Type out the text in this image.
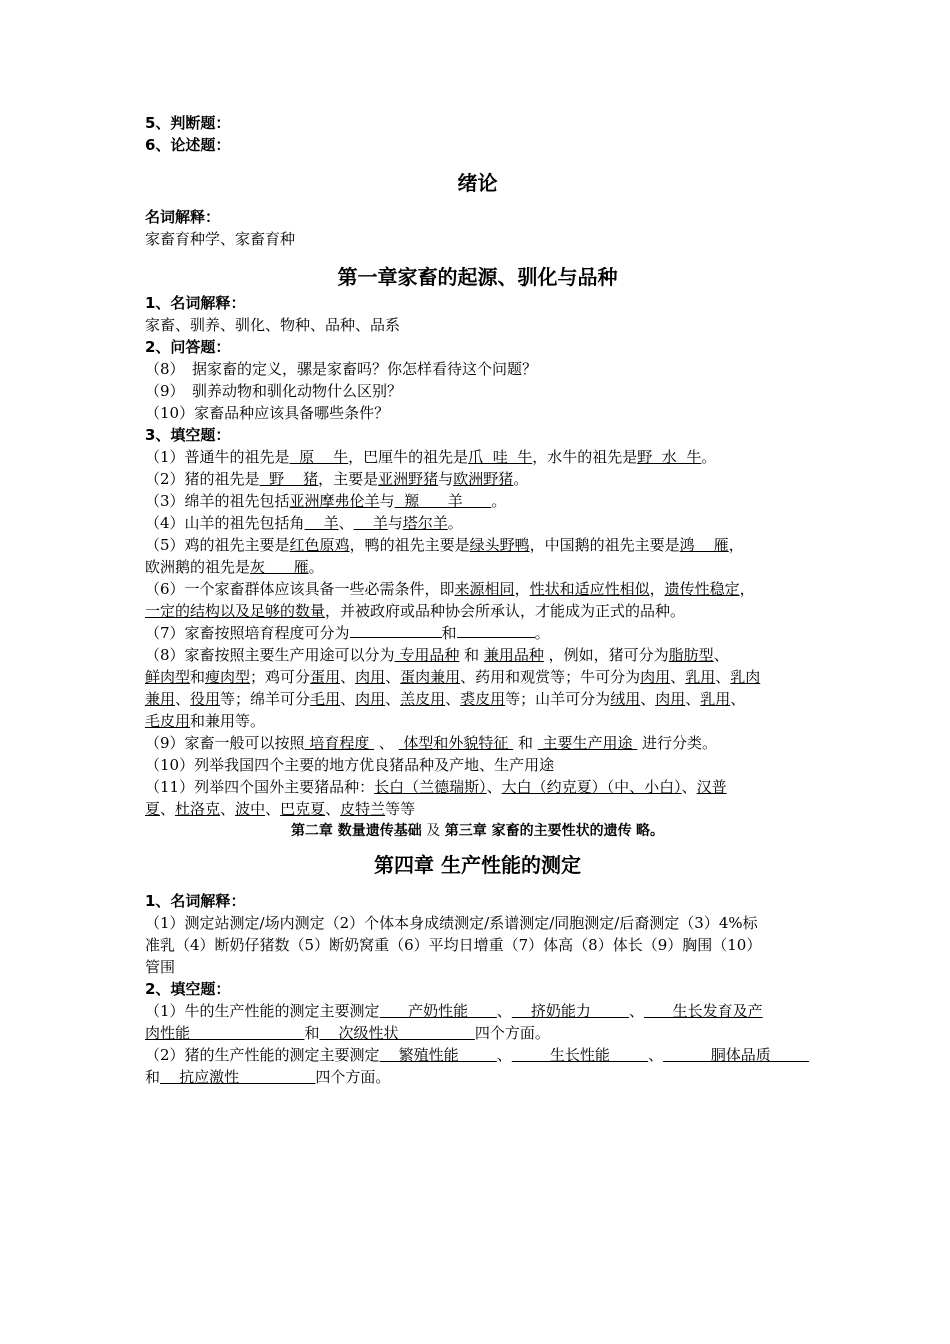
5、判断题：
6、论述题：
绪论
名词解释：
家畜育种学、家畜育种
第一章家畜的起源、驯化与品种
1、名词解释：
家畜、驯养、驯化、物种、品种、品系
2、问答题：
（8）　据家畜的定义，骡是家畜吗？你怎样看待这个问题？
（9）　驯养动物和驯化动物什么区别？
（10）家畜品种应该具备哪些条件？
3、填空题：
（1）普通牛的祖先是  原    牛，巴厘牛的祖先是爪  哇  牛，水牛的祖先是野  水  牛。
（2）猪的祖先是  野    猪，主要是亚洲野猪与欧洲野猪。
（3）绵羊的祖先包括亚洲摩弗伦羊与  羱      羊      。
（4）山羊的祖先包括角    羊、    羊与塔尔羊。
（5）鸡的祖先主要是红色原鸡，鸭的祖先主要是绿头野鸭，中国鹅的祖先主要是鸿    雁，
欧洲鹅的祖先是灰      雁。
（6）一个家畜群体应该具备一些必需条件，即来源相同，性状和适应性相似，遗传性稳定，
一定的结构以及足够的数量，并被政府或品种协会所承认，才能成为正式的品种。
（7）家畜按照培育程度可分为	和	。
（8）家畜按照主要生产用途可以分为 专用品种 和 兼用品种 ，例如，猪可分为脂肪型、
鲜肉型和瘦肉型；鸡可分蛋用、肉用、蛋肉兼用、药用和观赏等；牛可分为肉用、乳用、乳肉
兼用、役用等；绵羊可分毛用、肉用、羔皮用、裘皮用等；山羊可分为绒用、肉用、乳用、
毛皮用和兼用等。
（9）家畜一般可以按照 培育程度  、  体型和外貌特征  和  主要生产用途  进行分类。
（10）列举我国四个主要的地方优良猪品种及产地、生产用途
（11）列举四个国外主要猪品种：长白（兰德瑞斯）、大白（约克夏）（中、小白）、汉普
夏、杜洛克、波中、巴克夏、皮特兰等等
第二章 数量遗传基础 及 第三章 家畜的主要性状的遗传 略。
第四章 生产性能的测定
1、名词解释：
（1）测定站测定/场内测定（2）个体本身成绩测定/系谱测定/同胞测定/后裔测定（3）4%标
准乳（4）断奶仔猪数（5）断奶窝重（6）平均日增重（7）体高（8）体长（9）胸围（10）
管围
2、填空题：
（1）牛的生产性能的测定主要测定      产奶性能      、    挤奶能力        、      生长发育及产
肉性能                        和    次级性状                四个方面。
（2）猪的生产性能的测定主要测定    繁殖性能        、        生长性能        、          胴体品质
和    抗应激性                四个方面。
